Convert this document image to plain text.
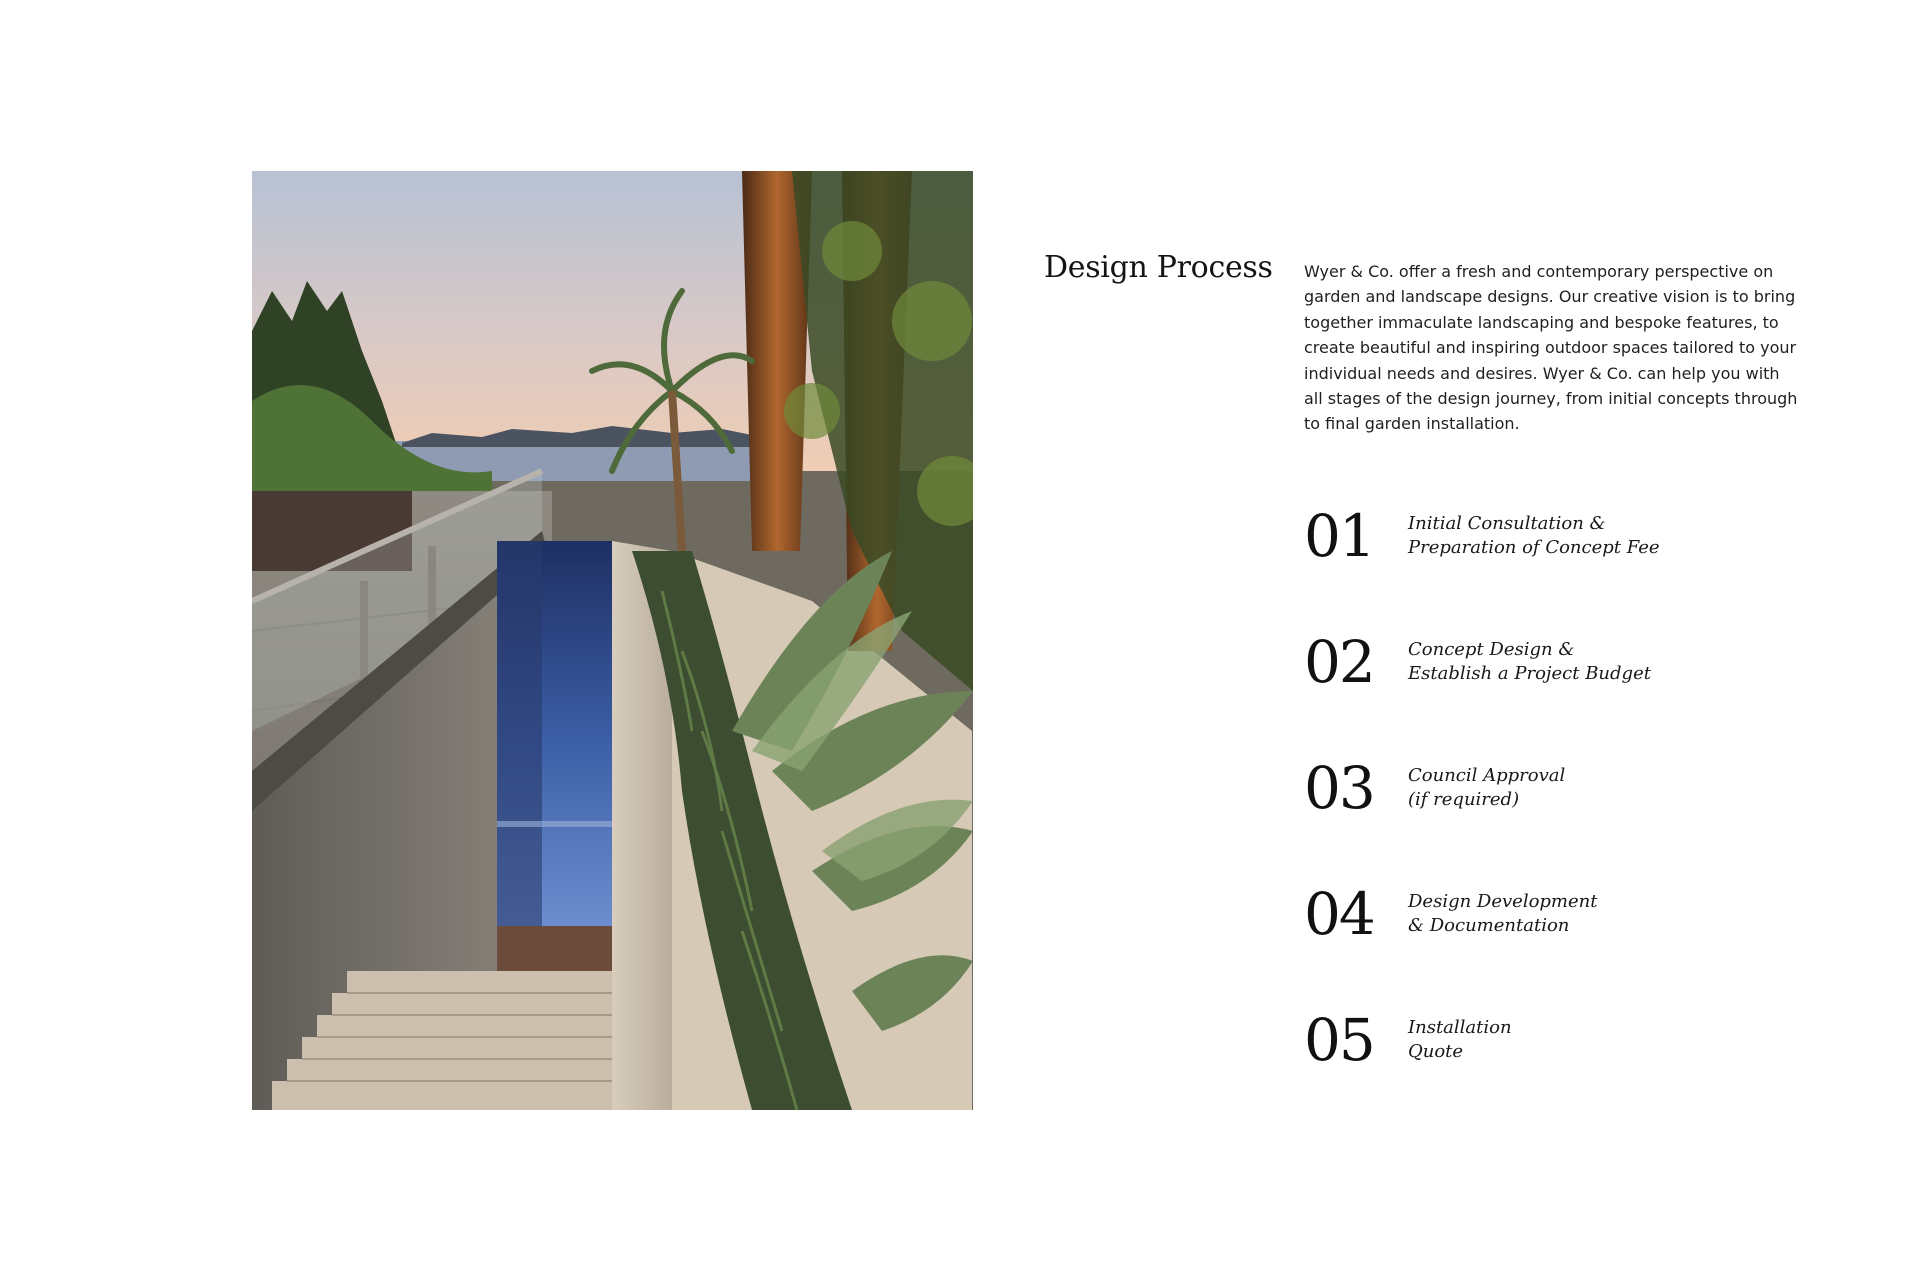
Design Process Wyer & Co. offer a fresh and contemporary perspective on
garden and landscape designs. Our creative vision is to bring
together immaculate landscaping and bespoke features, to
create beautiful and inspiring outdoor spaces tailored to your
individual needs and desires. Wyer & Co. can help you with
all stages of the design journey, from initial concepts through
to final garden installation.

01 Initial Consultation &
Preparation of Concept Fee
02 Concept Design &
Establish a Project Budget
03 Council Approval
(if required)
04 Design Development
& Documentation
05 Installation
Quote
